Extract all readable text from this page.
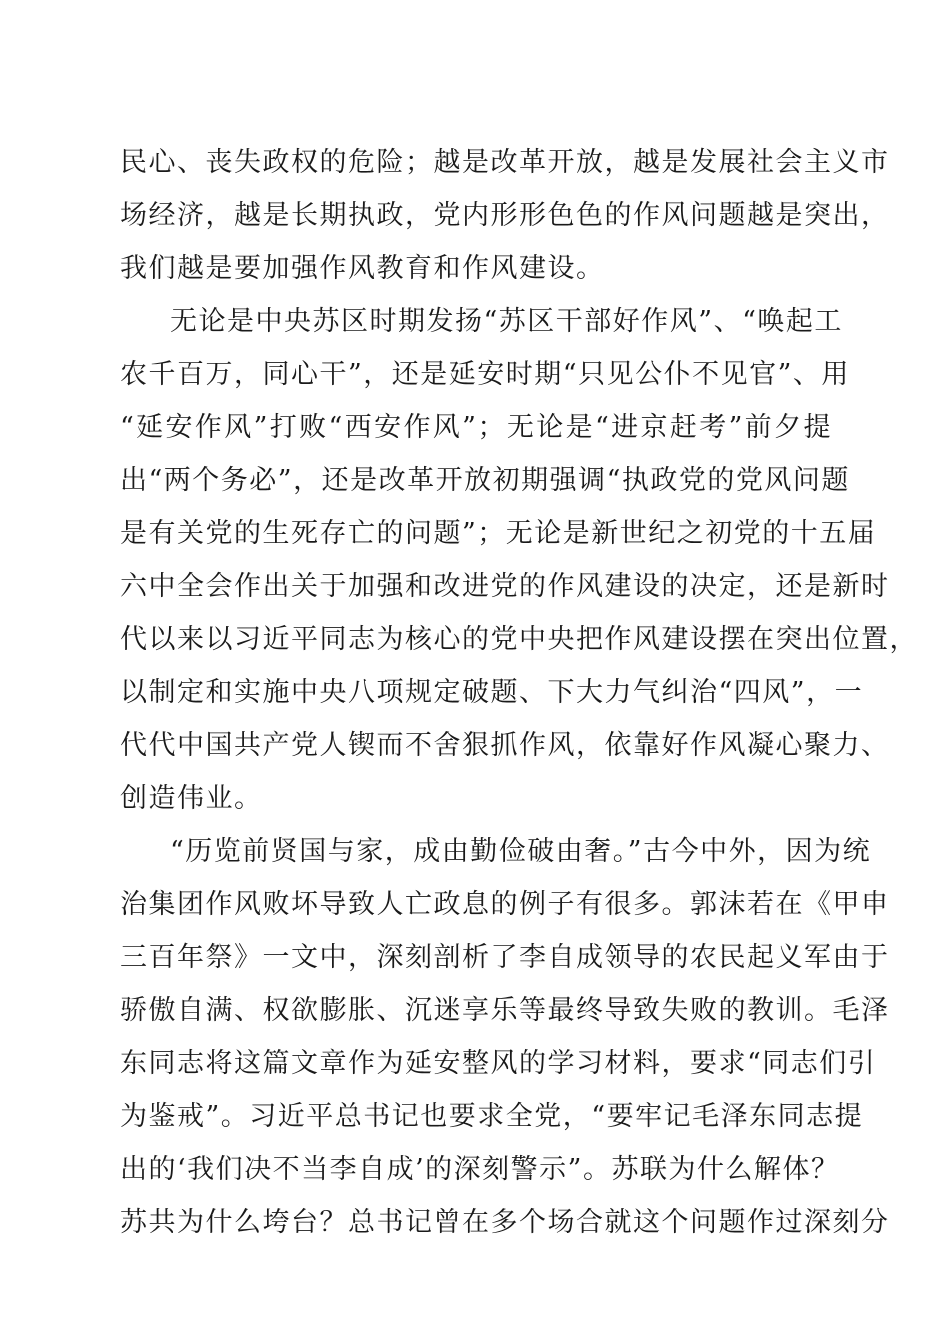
民心、丧失政权的危险；越是改革开放，越是发展社会主义市
场经济，越是长期执政，党内形形色色的作风问题越是突出，
我们越是要加强作风教育和作风建设。
无论是中央苏区时期发扬“苏区干部好作风”、“唤起工
农千百万，同心干”，还是延安时期“只见公仆不见官”、用
“延安作风”打败“西安作风”；无论是“进京赶考”前夕提
出“两个务必”，还是改革开放初期强调“执政党的党风问题
是有关党的生死存亡的问题”；无论是新世纪之初党的十五届
六中全会作出关于加强和改进党的作风建设的决定，还是新时
代以来以习近平同志为核心的党中央把作风建设摆在突出位置，
以制定和实施中央八项规定破题、下大力气纠治“四风”，一
代代中国共产党人锲而不舍狠抓作风，依靠好作风凝心聚力、
创造伟业。
“历览前贤国与家，成由勤俭破由奢。”古今中外，因为统
治集团作风败坏导致人亡政息的例子有很多。郭沫若在《甲申
三百年祭》一文中，深刻剖析了李自成领导的农民起义军由于
骄傲自满、权欲膨胀、沉迷享乐等最终导致失败的教训。毛泽
东同志将这篇文章作为延安整风的学习材料，要求“同志们引
为鉴戒”。习近平总书记也要求全党，“要牢记毛泽东同志提
出的‘我们决不当李自成’的深刻警示”。苏联为什么解体？
苏共为什么垮台？总书记曾在多个场合就这个问题作过深刻分
